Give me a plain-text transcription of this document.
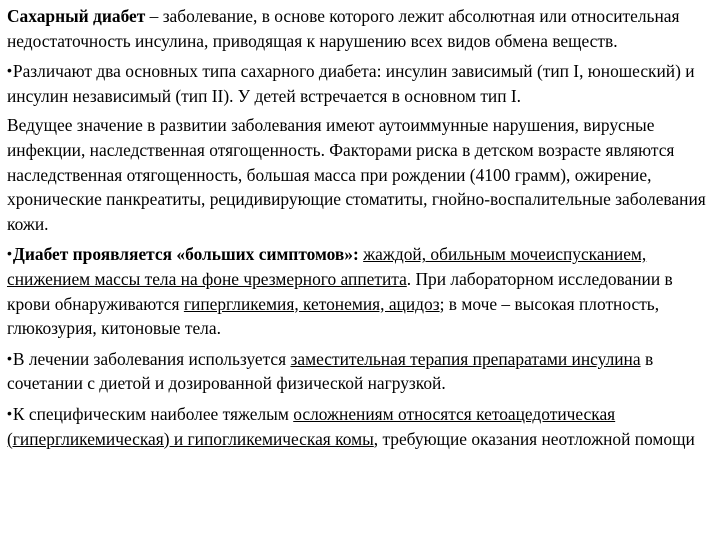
Сахарный диабет – заболевание, в основе которого лежит абсолютная или относительная недостаточность инсулина, приводящая к нарушению всех видов обмена веществ.

•Различают два основных типа сахарного диабета: инсулин зависимый (тип I, юношеский) и инсулин независимый (тип II). У детей встречается в основном тип I.

Ведущее значение в развитии заболевания имеют аутоиммунные нарушения, вирусные инфекции, наследственная отягощенность. Факторами риска в детском возрасте являются наследственная отягощенность, большая масса при рождении (4100 грамм), ожирение, хронические панкреатиты, рецидивирующие стоматиты, гнойно-воспалительные заболевания кожи.

•Диабет проявляется «больших симптомов»: жаждой, обильным мочеиспусканием, снижением массы тела на фоне чрезмерного аппетита. При лабораторном исследовании в крови обнаруживаются гипергликемия, кетонемия, ацидоз; в моче – высокая плотность, глюкозурия, китоновые тела.

•В лечении заболевания используется заместительная терапия препаратами инсулина в сочетании с диетой и дозированной физической нагрузкой.

•К специфическим наиболее тяжелым осложнениям относятся кетоацедотическая (гипергликемическая) и гипогликемическая комы, требующие оказания неотложной помощи
